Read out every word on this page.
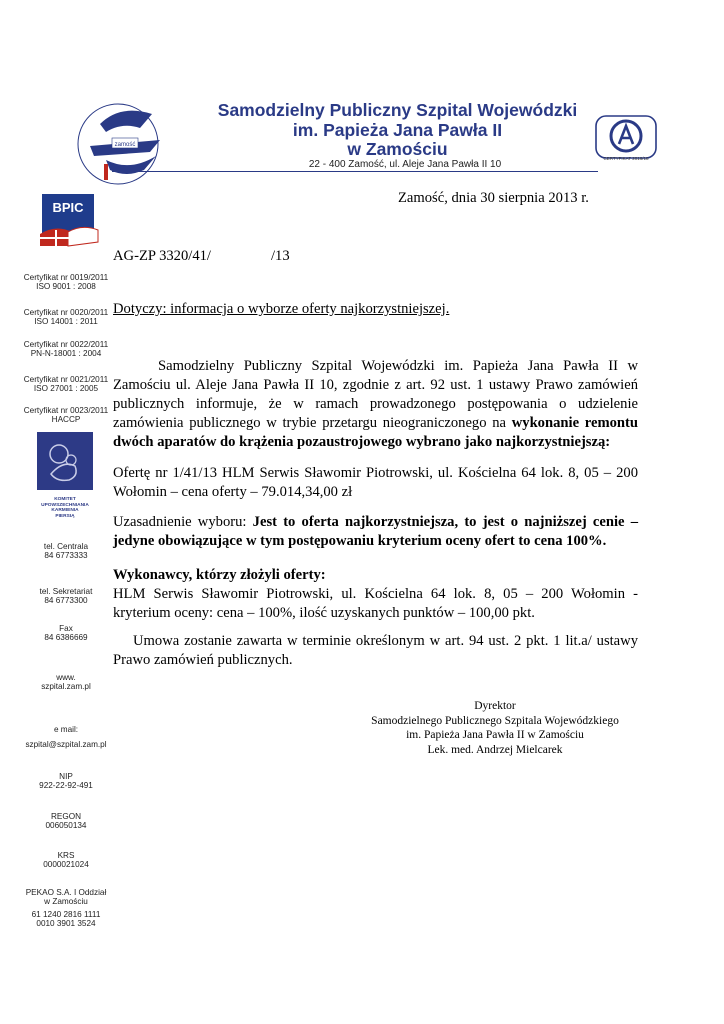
zamość
Samodzielny Publiczny Szpital Wojewódzki
im. Papieża Jana Pawła II
w Zamościu
22 - 400 Zamość, ul. Aleje Jana Pawła II 10
CERTYFIKAT 2016/18
BPIC
Certyfikat nr 0019/2011
ISO 9001 : 2008
Certyfikat nr 0020/2011
ISO 14001 : 2011
Certyfikat nr 0022/2011
PN-N-18001 : 2004
Certyfikat nr 0021/2011
ISO 27001 : 2005
Certyfikat nr 0023/2011
HACCP
KOMITET
UPOWSZECHNIANIA
KARMIENIA
PIERSIĄ
tel. Centrala
84 6773333
tel. Sekretariat
84 6773300
Fax
84 6386669
www.
szpital.zam.pl
e mail:
szpital@szpital.zam.pl
NIP
922-22-92-491
REGON
006050134
KRS
0000021024
PEKAO S.A. I Oddział
w Zamościu
61 1240 2816 1111
0010 3901 3524
Zamość, dnia 30 sierpnia 2013 r.
AG-ZP 3320/41/	/13
Dotyczy: informacja o wyborze oferty najkorzystniejszej.
Samodzielny Publiczny Szpital Wojewódzki im. Papieża Jana Pawła II w Zamościu ul. Aleje Jana Pawła II 10, zgodnie z art. 92 ust. 1 ustawy Prawo zamówień publicznych informuje, że w ramach prowadzonego postępowania o udzielenie zamówienia publicznego w trybie przetargu nieograniczonego na wykonanie remontu dwóch aparatów do krążenia pozaustrojowego wybrano jako najkorzystniejszą:
Ofertę nr 1/41/13 HLM Serwis Sławomir Piotrowski, ul. Kościelna 64 lok. 8, 05 – 200 Wołomin – cena oferty – 79.014,34,00 zł
Uzasadnienie wyboru: Jest to oferta najkorzystniejsza, to jest o najniższej cenie – jedyne obowiązujące w tym postępowaniu kryterium oceny ofert to cena 100%.
Wykonawcy, którzy złożyli oferty:
HLM Serwis Sławomir Piotrowski, ul. Kościelna 64 lok. 8, 05 – 200 Wołomin - kryterium oceny: cena – 100%, ilość uzyskanych punktów – 100,00 pkt.
Umowa zostanie zawarta w terminie określonym w art. 94 ust. 2 pkt. 1 lit.a/ ustawy Prawo zamówień publicznych.
Dyrektor
Samodzielnego Publicznego Szpitala Wojewódzkiego
im. Papieża Jana Pawła II w Zamościu
Lek. med. Andrzej Mielcarek
